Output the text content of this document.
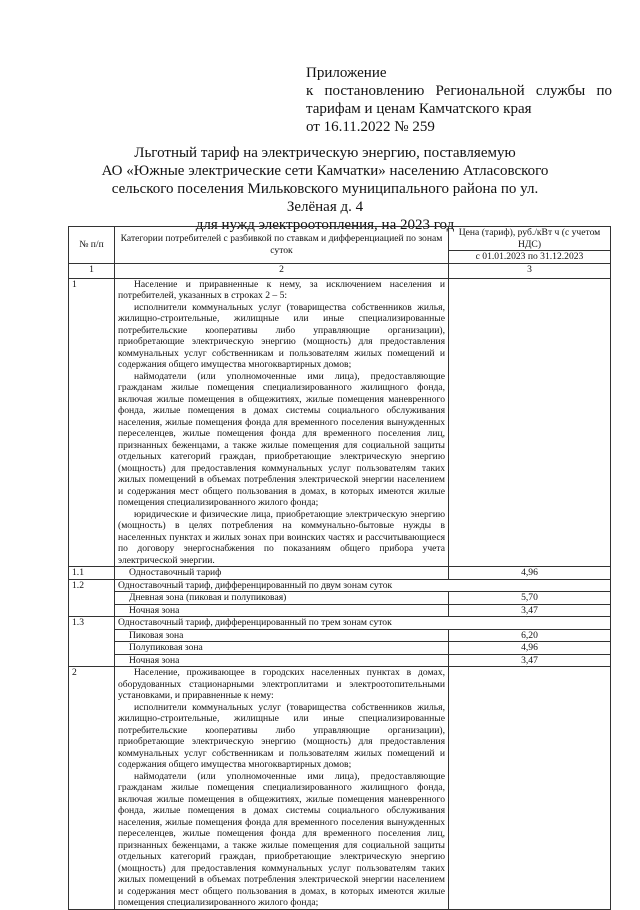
Приложение
к постановлению Региональной службы по
тарифам и ценам Камчатского края
от 16.11.2022 № 259
Льготный тариф на электрическую энергию, поставляемую
АО «Южные электрические сети Камчатки» населению Атласовского
сельского поселения Мильковского муниципального района по ул. Зелёная д. 4
для нужд электроотопления, на 2023 год
№ п/п	Категории потребителей с разбивкой по ставкам и дифференциацией по зонам суток	Цена (тариф), руб./кВт ч (с учетом НДС)
		с 01.01.2023 по 31.12.2023
1	2	3
1	Население и приравненные к нему, за исключением населения и потребителей, указанных в строках 2 – 5:

исполнители коммунальных услуг (товарищества собственников жилья, жилищно-строительные, жилищные или иные специализированные потребительские кооперативы либо управляющие организации), приобретающие электрическую энергию (мощность) для предоставления коммунальных услуг собственникам и пользователям жилых помещений и содержания общего имущества многоквартирных домов;

наймодатели (или уполномоченные ими лица), предоставляющие гражданам жилые помещения специализированного жилищного фонда, включая жилые помещения в общежитиях, жилые помещения маневренного фонда, жилые помещения в домах системы социального обслуживания населения, жилые помещения фонда для временного поселения вынужденных переселенцев, жилые помещения фонда для временного поселения лиц, признанных беженцами, а также жилые помещения для социальной защиты отдельных категорий граждан, приобретающие электрическую энергию (мощность) для предоставления коммунальных услуг пользователям таких жилых помещений в объемах потребления электрической энергии населением и содержания мест общего пользования в домах, в которых имеются жилые помещения специализированного жилого фонда;

юридические и физические лица, приобретающие электрическую энергию (мощность) в целях потребления на коммунально-бытовые нужды в населенных пунктах и жилых зонах при воинских частях и рассчитывающиеся по договору энергоснабжения по показаниям общего прибора учета электрической энергии.	

1.1	Одноставочный тариф	4,96
1.2	Одноставочный тариф, дифференцированный по двум зонам суток	
	Дневная зона (пиковая и полупиковая)	5,70
	Ночная зона	3,47
1.3	Одноставочный тариф, дифференцированный по трем зонам суток	
	Пиковая зона	6,20
	Полупиковая зона	4,96
	Ночная зона	3,47
2	Население, проживающее в городских населенных пунктах в домах, оборудованных стационарными электроплитами и электроотопительными установками, и приравненные к нему:

исполнители коммунальных услуг (товарищества собственников жилья, жилищно-строительные, жилищные или иные специализированные потребительские кооперативы либо управляющие организации), приобретающие электрическую энергию (мощность) для предоставления коммунальных услуг собственникам и пользователям жилых помещений и содержания общего имущества многоквартирных домов;

наймодатели (или уполномоченные ими лица), предоставляющие гражданам жилые помещения специализированного жилищного фонда, включая жилые помещения в общежитиях, жилые помещения маневренного фонда, жилые помещения в домах системы социального обслуживания населения, жилые помещения фонда для временного поселения вынужденных переселенцев, жилые помещения фонда для временного поселения лиц, признанных беженцами, а также жилые помещения для социальной защиты отдельных категорий граждан, приобретающие электрическую энергию (мощность) для предоставления коммунальных услуг пользователям таких жилых помещений в объемах потребления электрической энергии населением и содержания мест общего пользования в домах, в которых имеются жилые помещения специализированного жилого фонда;	
